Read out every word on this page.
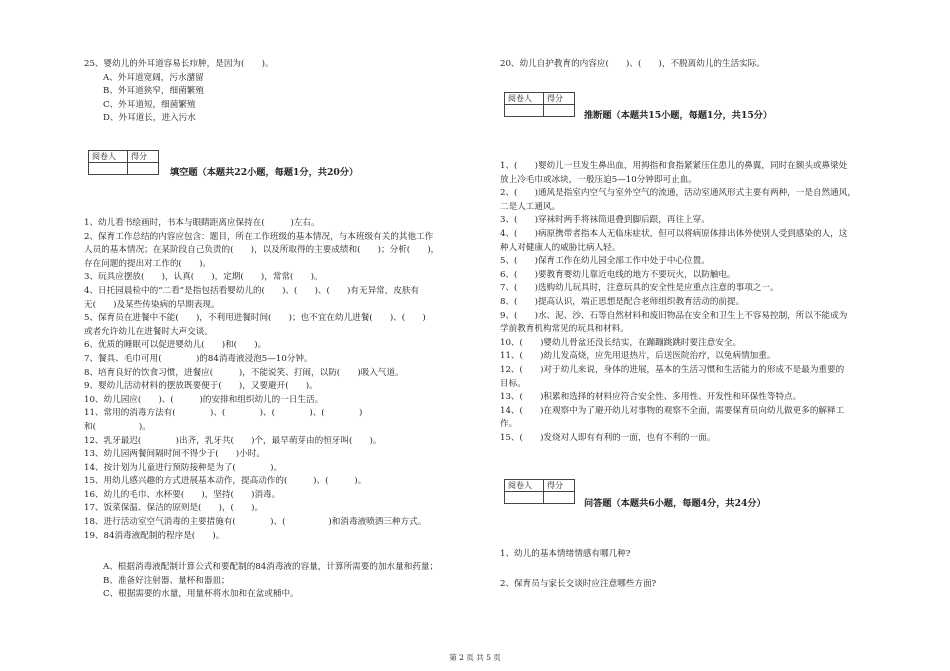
25、婴幼儿的外耳道容易长疖肿，是因为(　　)。
A、外耳道宽阔，污水潴留
B、外耳道狭窄，细菌繁殖
C、外耳道短，细菌繁殖
D、外耳道长，进入污水
阅卷人	得分

填空题（本题共22小题，每题1分，共20分）
1、幼儿看书绘画时，书本与眼睛距离应保持在(　　　)左右。
2、保育工作总结的内容应包含：题目，所在工作班级的基本情况，与本班级有关的其他工作
人员的基本情况；在某阶段自己负责的(　　)，以及所取得的主要成绩和(　　)；分析(　　)，
存在问题的提出对工作的(　　)。
3、玩具应摆放(　　)，认真(　　)，定期(　　)，常常(　　)。
4、日托园晨检中的“二看”是指包括看婴幼儿的(　　)、(　　)、(　　)有无异常，皮肤有
无(　　)及某些传染病的早期表现。
5、保育员在进餐中不能(　　)，不利用进餐时间(　　)；也不宜在幼儿进餐(　　)、(　　)
或者允许幼儿在进餐时大声交谈。
6、优质的睡眠可以促进婴幼儿(　　)和(　　)。
7、餐具、毛巾可用(　　　　)的84消毒液浸泡5—10分钟。
8、培育良好的饮食习惯，进餐应(　　　)，不能说笑、打闹，以防(　　)吸入气道。
9、婴幼儿活动材料的摆放既要便于(　　)，又要避开(　　)。
10、幼儿园应(　　)、(　　　)的安排和组织幼儿的一日生活。
11、常用的消毒方法有(　　　　)、(　　　　)、(　　　　)、(　　　　)
和(　　　　　)。
12、乳牙最迟(　　　　)出齐，乳牙共(　　)个，最早萌芽由的恒牙叫(　　)。
13、幼儿园两餐间隔时间不得少于(　　)小时。
14、按计划为儿童进行预防接种是为了(　　　　)。
15、用幼儿感兴趣的方式进展基本动作，提高动作的(　　　)、(　　　)。
16、幼儿的毛巾、水杯要(　　)，坚持(　　)消毒。
17、饭菜保温、保洁的原则是(　　)，(　　)。
18、进行活动室空气消毒的主要措施有(　　　　)、(　　　　　)和消毒液喷洒三种方式。
19、84消毒液配制的程序是(　　)。
A、根据消毒液配制计算公式和要配制的84消毒液的容量，计算所需要的加水量和药量；
B、准备好注射器、量杯和器皿；
C、根据需要的水量，用量杯将水加和在盆或桶中。
20、幼儿自护教育的内容应(　　)、(　　)，不脱离幼儿的生活实际。
阅卷人	得分

推断题（本题共15小题，每题1分，共15分）
1、(　　)婴幼儿一旦发生鼻出血，用拇指和食指紧紧压住患儿的鼻翼，同时在额头或鼻梁处
放上冷毛巾或冰块，一般压迫5—10分钟即可止血。
2、(　　)通风是指室内空气与室外空气的流通，活动室通风形式主要有两种，一是自然通风，
二是人工通风。
3、(　　)穿袜时两手将袜筒退叠到脚后跟，再往上穿。
4、(　　)病原携带者指本人无临床症状，但可以将病原体排出体外使别人受到感染的人，这
种人对健康人的威胁比病人轻。
5、(　　)保育工作在幼儿园全部工作中处于中心位置。
6、(　　)要教育婴幼儿靠近电线的地方不要玩火，以防触电。
7、(　　)选购幼儿玩具时，注意玩具的安全性是应重点注意的事项之一。
8、(　　)提高认识，端正思想是配合老师组织教育活动的前提。
9、(　　)水、泥、沙、石等自然材料和废旧物品在安全和卫生上不容易控制，所以不能成为
学前教育机构常见的玩具和材料。
10、(　　)婴幼儿骨盆还没长结实，在蹦蹦跳跳时要注意安全。
11、(　　)幼儿发高烧，应先用退热片，后送医院治疗，以免病情加重。
12、(　　)对于幼儿来说，身体的进展，基本的生活习惯和生活能力的形成不是最为重要的
目标。
13、(　　)积累和选择的材料应符合安全性、多用性、开发性和环保性等特点。
14、(　　)在观察中为了避开幼儿对事物的观察不全面，需要保育员向幼儿做更多的解释工
作。
15、(　　)发烧对人即有有利的一面，也有不利的一面。
阅卷人	得分

问答题（本题共6小题，每题4分，共24分）
1、幼儿的基本情绪情感有哪几种?
2、保育员与家长交谈时应注意哪些方面?
第 2 页 共 5 页
